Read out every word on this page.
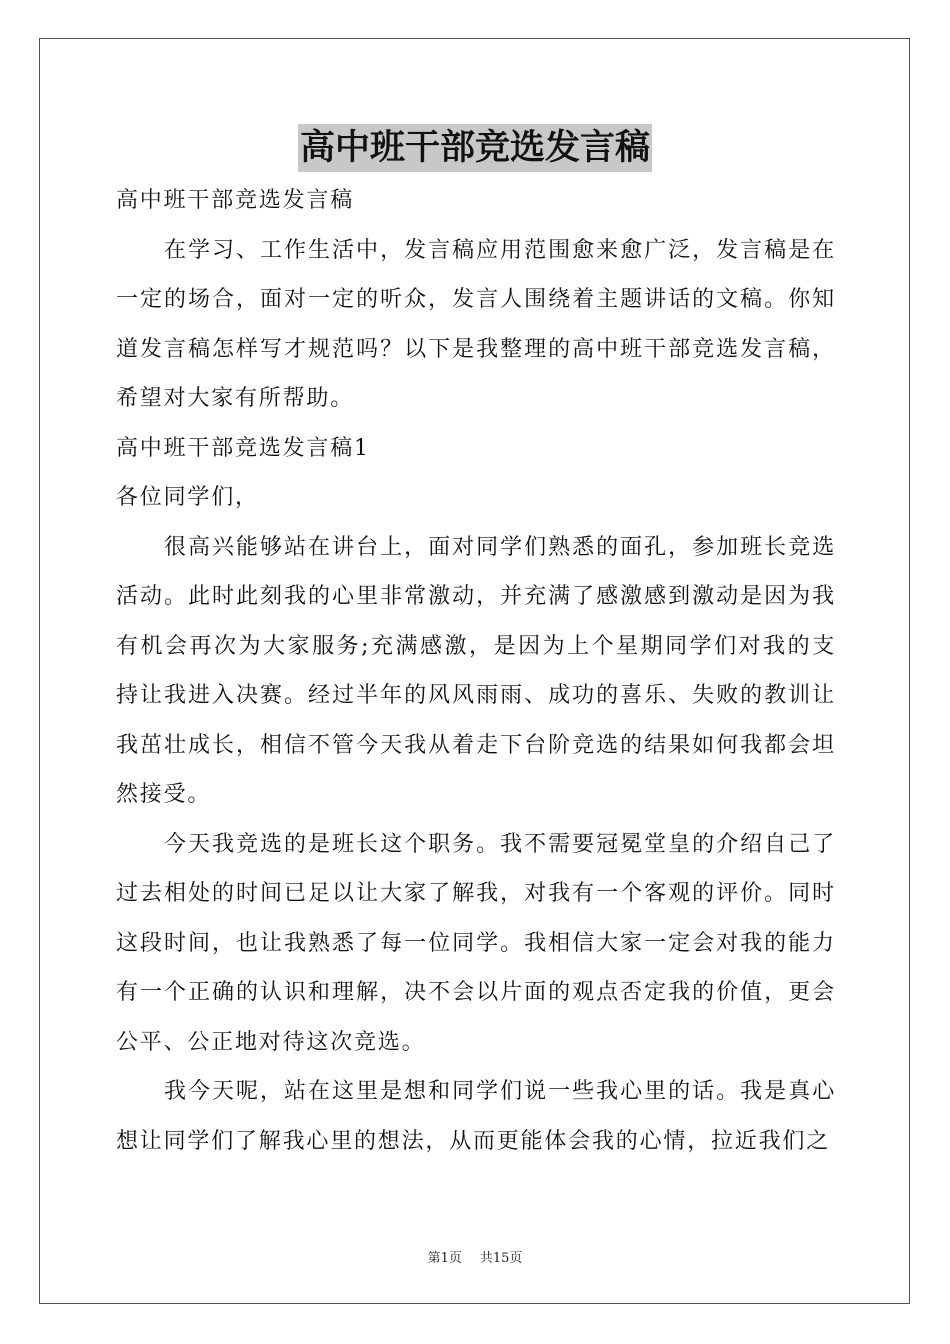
高中班干部竞选发言稿

高中班干部竞选发言稿

在学习、工作生活中，发言稿应用范围愈来愈广泛，发言稿是在一定的场合，面对一定的听众，发言人围绕着主题讲话的文稿。你知道发言稿怎样写才规范吗？以下是我整理的高中班干部竞选发言稿，希望对大家有所帮助。

高中班干部竞选发言稿1

各位同学们，

很高兴能够站在讲台上，面对同学们熟悉的面孔，参加班长竞选活动。此时此刻我的心里非常激动，并充满了感激感到激动是因为我有机会再次为大家服务;充满感激，是因为上个星期同学们对我的支持让我进入决赛。经过半年的风风雨雨、成功的喜乐、失败的教训让我茁壮成长，相信不管今天我从着走下台阶竞选的结果如何我都会坦然接受。

今天我竞选的是班长这个职务。我不需要冠冕堂皇的介绍自己了过去相处的时间已足以让大家了解我，对我有一个客观的评价。同时这段时间，也让我熟悉了每一位同学。我相信大家一定会对我的能力有一个正确的认识和理解，决不会以片面的观点否定我的价值，更会公平、公正地对待这次竞选。

我今天呢，站在这里是想和同学们说一些我心里的话。我是真心想让同学们了解我心里的想法，从而更能体会我的心情，拉近我们之

第1页 共15页
